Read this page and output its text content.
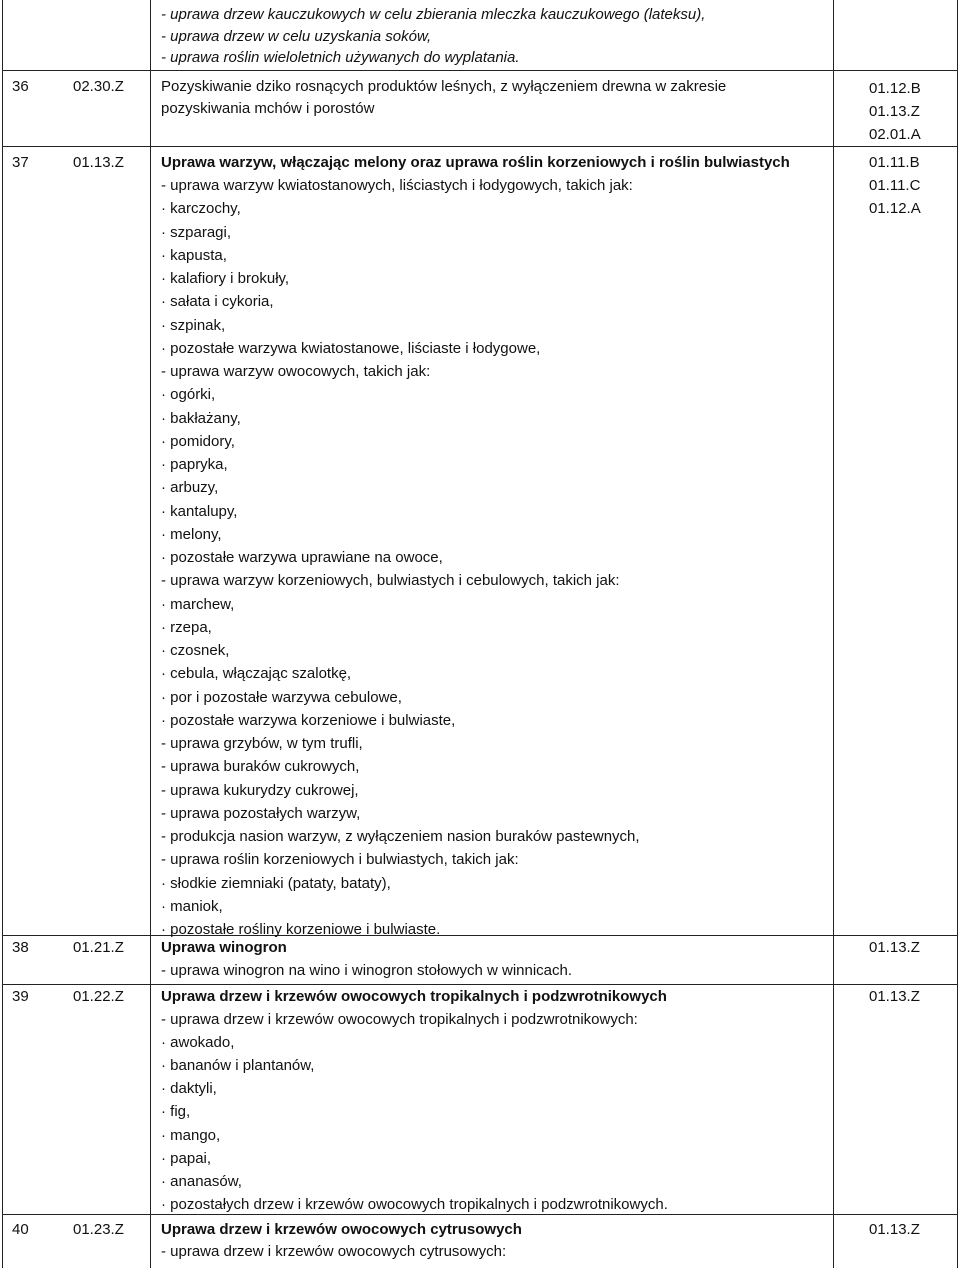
- uprawa drzew kauczukowych w celu zbierania mleczka kauczukowego (lateksu),
- uprawa drzew w celu uzyskania soków,
- uprawa roślin wieloletnich używanych do wyplatania.
36	02.30.Z Pozyskiwanie dziko rosnących produktów leśnych, z wyłączeniem drewna w zakresie
pozyskiwania mchów i porostów
01.12.B
01.13.Z
02.01.A
37	01.13.Z Uprawa warzyw, włączając melony oraz uprawa roślin korzeniowych i roślin bulwiastych
- uprawa warzyw kwiatostanowych, liściastych i łodygowych, takich jak:
· karczochy,
· szparagi,
· kapusta,
· kalafiory i brokuły,
· sałata i cykoria,
· szpinak,
· pozostałe warzywa kwiatostanowe, liściaste i łodygowe,
- uprawa warzyw owocowych, takich jak:
· ogórki,
· bakłażany,
· pomidory,
· papryka,
· arbuzy,
· kantalupy,
· melony,
· pozostałe warzywa uprawiane na owoce,
- uprawa warzyw korzeniowych, bulwiastych i cebulowych, takich jak:
· marchew,
· rzepa,
· czosnek,
· cebula, włączając szalotkę,
· por i pozostałe warzywa cebulowe,
· pozostałe warzywa korzeniowe i bulwiaste,
- uprawa grzybów, w tym trufli,
- uprawa buraków cukrowych,
- uprawa kukurydzy cukrowej,
- uprawa pozostałych warzyw,
- produkcja nasion warzyw, z wyłączeniem nasion buraków pastewnych,
- uprawa roślin korzeniowych i bulwiastych, takich jak:
· słodkie ziemniaki (pataty, bataty),
· maniok,
· pozostałe rośliny korzeniowe i bulwiaste.
01.11.B
01.11.C
01.12.A
38	01.21.Z Uprawa winogron
- uprawa winogron na wino i winogron stołowych w winnicach.
01.13.Z
39	01.22.Z Uprawa drzew i krzewów owocowych tropikalnych i podzwrotnikowych
- uprawa drzew i krzewów owocowych tropikalnych i podzwrotnikowych:
· awokado,
· bananów i plantanów,
· daktyli,
· fig,
· mango,
· papai,
· ananasów,
· pozostałych drzew i krzewów owocowych tropikalnych i podzwrotnikowych.
01.13.Z
40	01.23.Z Uprawa drzew i krzewów owocowych cytrusowych
- uprawa drzew i krzewów owocowych cytrusowych:
01.13.Z
